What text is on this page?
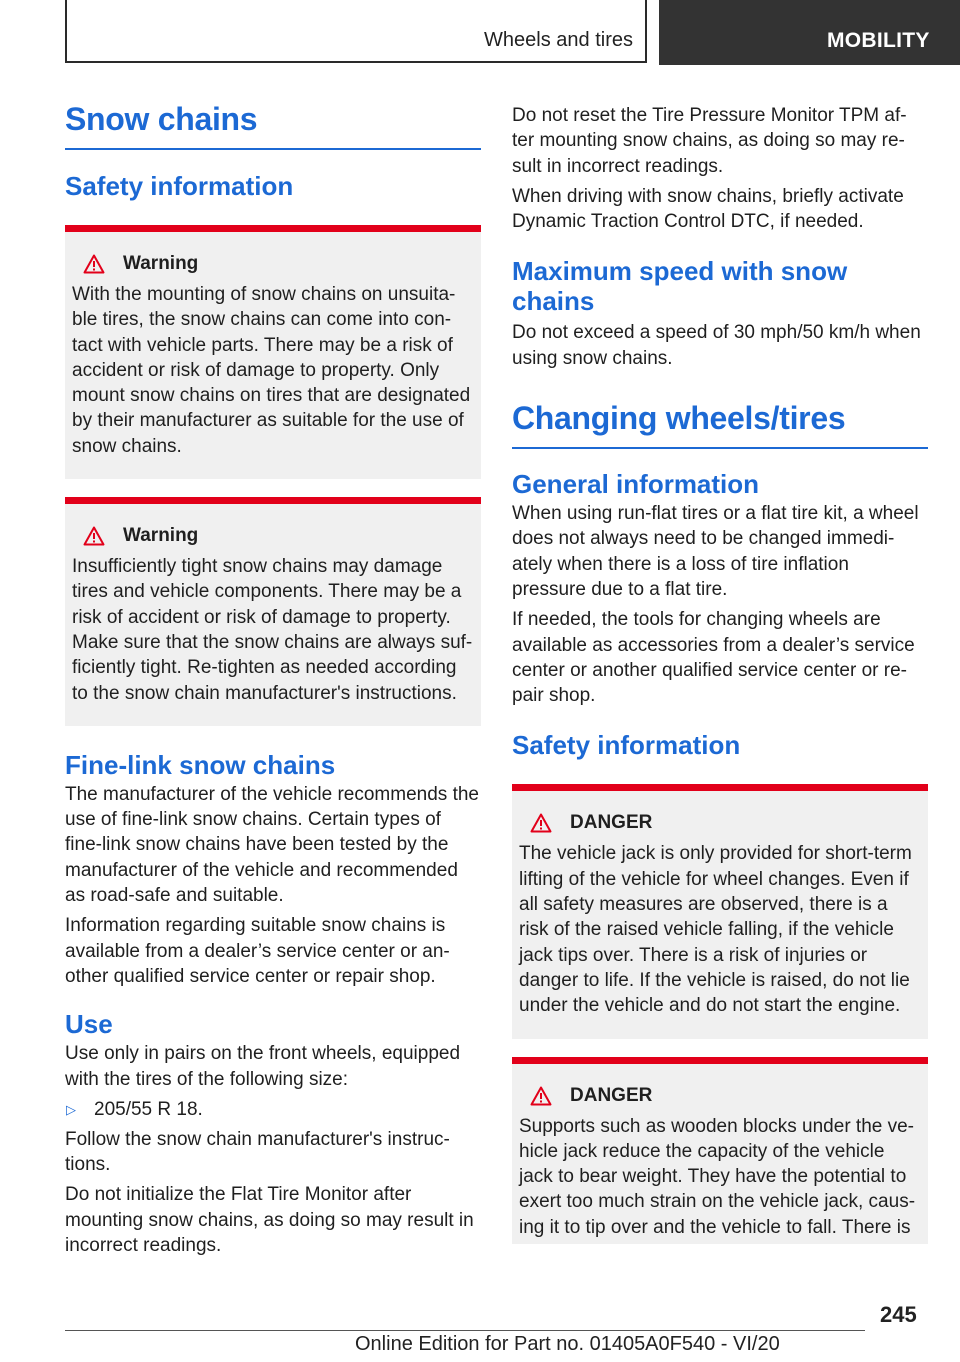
Wheels and tires	MOBILITY
Snow chains
Safety information
Warning

With the mounting of snow chains on unsuita-ble tires, the snow chains can come into con-tact with vehicle parts. There may be a risk of accident or risk of damage to property. Only mount snow chains on tires that are designated by their manufacturer as suitable for the use of snow chains.

Warning

Insufficiently tight snow chains may damage tires and vehicle components. There may be a risk of accident or risk of damage to property. Make sure that the snow chains are always suf-ficiently tight. Re-tighten as needed according to the snow chain manufacturer's instructions.

Fine-link snow chains

The manufacturer of the vehicle recommends the use of fine-link snow chains. Certain types of fine-link snow chains have been tested by the manufacturer of the vehicle and recommended as road-safe and suitable.

Information regarding suitable snow chains is available from a dealer’s service center or an-other qualified service center or repair shop.

Use

Use only in pairs on the front wheels, equipped with the tires of the following size:

▷ 205/55 R 18.

Follow the snow chain manufacturer's instruc-tions.

Do not initialize the Flat Tire Monitor after mounting snow chains, as doing so may result in incorrect readings.

Do not reset the Tire Pressure Monitor TPM af-ter mounting snow chains, as doing so may re-sult in incorrect readings.

When driving with snow chains, briefly activate Dynamic Traction Control DTC, if needed.

Maximum speed with snow chains

Do not exceed a speed of 30 mph/50 km/h when using snow chains.

Changing wheels/tires
General information

When using run-flat tires or a flat tire kit, a wheel does not always need to be changed immedi-ately when there is a loss of tire inflation pressure due to a flat tire.

If needed, the tools for changing wheels are available as accessories from a dealer’s service center or another qualified service center or re-pair shop.

Safety information
DANGER

The vehicle jack is only provided for short-term lifting of the vehicle for wheel changes. Even if all safety measures are observed, there is a risk of the raised vehicle falling, if the vehicle jack tips over. There is a risk of injuries or danger to life. If the vehicle is raised, do not lie under the vehicle and do not start the engine.

DANGER

Supports such as wooden blocks under the ve-hicle jack reduce the capacity of the vehicle jack to bear weight. They have the potential to exert too much strain on the vehicle jack, caus-ing it to tip over and the vehicle to fall. There is

245
Online Edition for Part no. 01405A0F540 - VI/20
